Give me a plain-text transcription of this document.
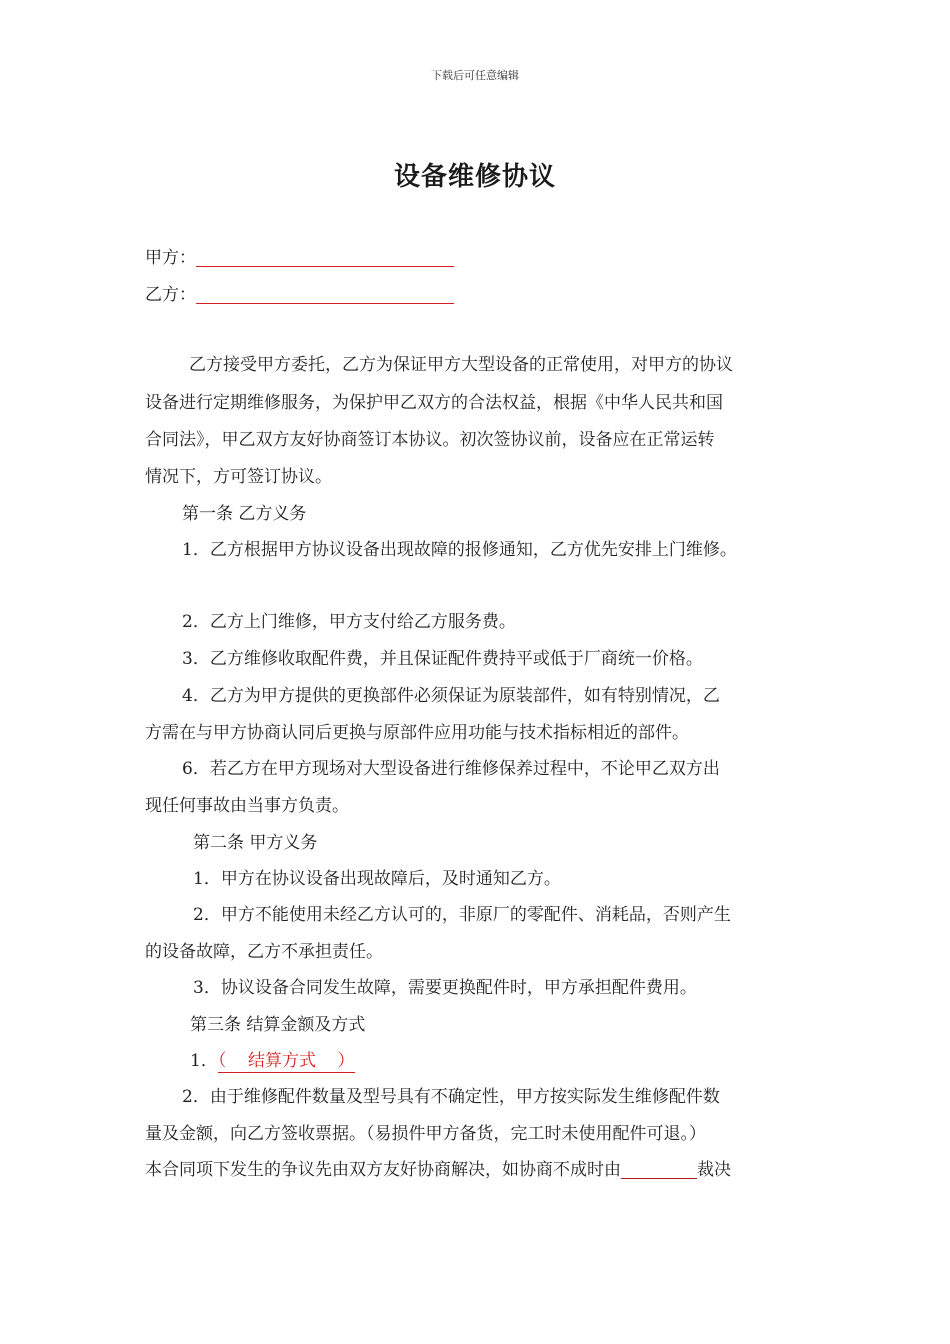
下载后可任意编辑
设备维修协议
甲方：
乙方：
乙方接受甲方委托，乙方为保证甲方大型设备的正常使用，对甲方的协议
设备进行定期维修服务，为保护甲乙双方的合法权益，根据《中华人民共和国
合同法》，甲乙双方友好协商签订本协议。初次签协议前，设备应在正常运转
情况下，方可签订协议。
第一条 乙方义务
1．乙方根据甲方协议设备出现故障的报修通知，乙方优先安排上门维修。
2．乙方上门维修，甲方支付给乙方服务费。
3．乙方维修收取配件费，并且保证配件费持平或低于厂商统一价格。
4．乙方为甲方提供的更换部件必须保证为原装部件，如有特别情况，乙
方需在与甲方协商认同后更换与原部件应用功能与技术指标相近的部件。
6．若乙方在甲方现场对大型设备进行维修保养过程中，不论甲乙双方出
现任何事故由当事方负责。
第二条 甲方义务
1．甲方在协议设备出现故障后，及时通知乙方。
2．甲方不能使用未经乙方认可的，非原厂的零配件、消耗品，否则产生
的设备故障，乙方不承担责任。
3．协议设备合同发生故障，需要更换配件时，甲方承担配件费用。
第三条 结算金额及方式
1．（    结算方式    ）
2．由于维修配件数量及型号具有不确定性，甲方按实际发生维修配件数
量及金额，向乙方签收票据。（易损件甲方备货，完工时未使用配件可退。）
本合同项下发生的争议先由双方友好协商解决，如协商不成时由	裁决
